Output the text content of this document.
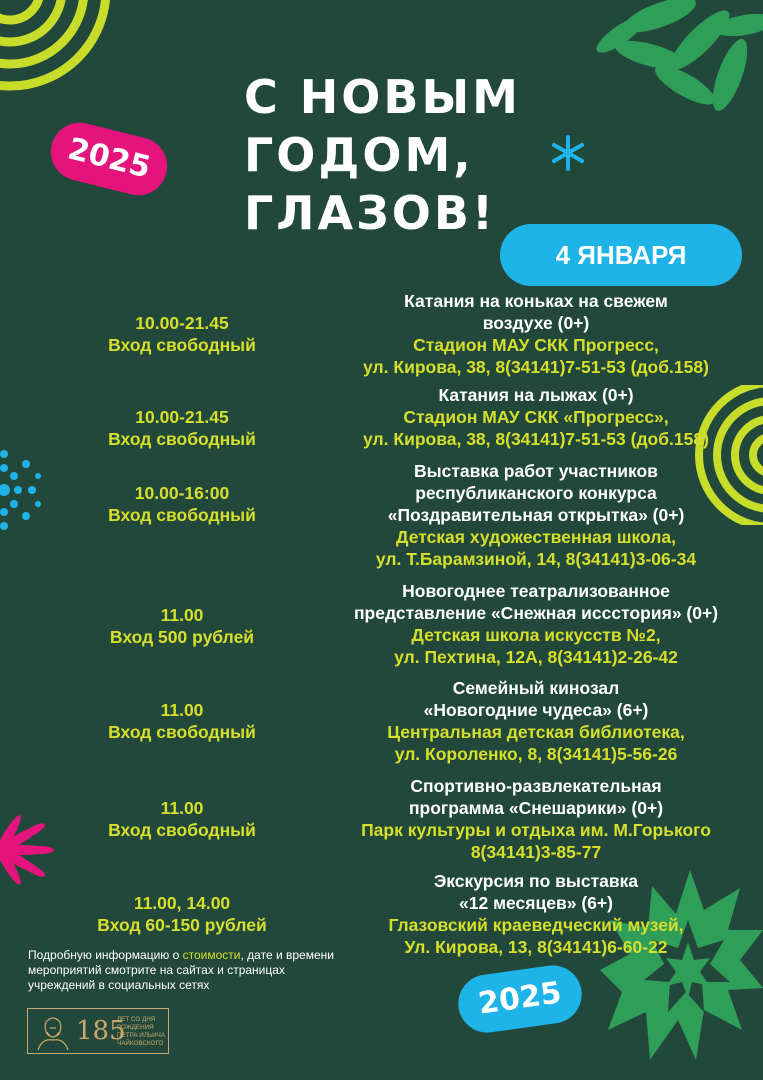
С НОВЫМ
ГОДОМ,
ГЛАЗОВ!
2025
4 ЯНВАРЯ
10.00-21.45
Вход свободный
Катания на коньках на свежем
воздухе (0+)
Стадион МАУ СКК Прогресс,
ул. Кирова, 38, 8(34141)7-51-53 (доб.158)
10.00-21.45
Вход свободный
Катания на лыжах (0+)
Стадион МАУ СКК «Прогресс»,
ул. Кирова, 38, 8(34141)7-51-53 (доб.158)
10.00-16:00
Вход свободный
Выставка работ участников
республиканского конкурса
«Поздравительная открытка» (0+)
Детская художественная школа,
ул. Т.Барамзиной, 14, 8(34141)3-06-34
11.00
Вход 500 рублей
Новогоднее театрализованное
представление «Снежная иcсстория» (0+)
Детская школа искусств №2,
ул. Пехтина, 12А, 8(34141)2-26-42
11.00
Вход свободный
Семейный кинозал
«Новогодние чудеса» (6+)
Центральная детская библиотека,
ул. Короленко, 8, 8(34141)5-56-26
11.00
Вход свободный
Спортивно-развлекательная
программа «Снешарики» (0+)
Парк культуры и отдыха им. М.Горького
8(34141)3-85-77
11.00, 14.00
Вход 60-150 рублей
Экскурсия по выставка
«12 месяцев» (6+)
Глазовский краеведческий музей,
Ул. Кирова, 13, 8(34141)6-60-22
Подробную информацию о стоимости, дате и времени
мероприятий смотрите на сайтах и страницах
учреждений в социальных сетях	2025
185
ЛЕТ СО ДНЯ
РОЖДЕНИЯ
ПЕТРА ИЛЬИЧА
ЧАЙКОВСКОГО
